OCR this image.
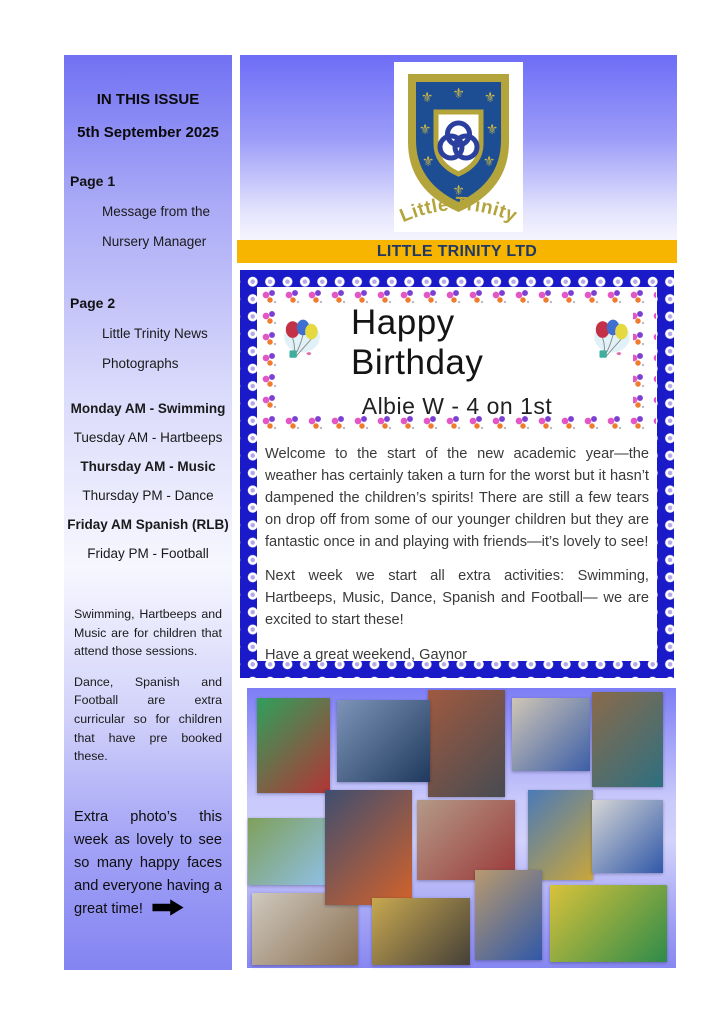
IN THIS ISSUE
5th September 2025
Page 1
Message from the
Nursery Manager
Page 2
Little Trinity News
Photographs
Monday AM - Swimming
Tuesday AM - Hartbeeps
Thursday AM - Music
Thursday PM - Dance
Friday AM Spanish (RLB)
Friday PM - Football
Swimming, Hartbeeps and Music are for children that attend those sessions.
Dance, Spanish and Football are extra curricular so for children that have pre booked these.
Extra photo’s this week as lovely to see so many happy faces and everyone having a great time!
⚜ ⚜ ⚜
⚜	⚜
⚜	⚜
⚜
Little Trinity
LITTLE TRINITY LTD
Happy Birthday
Albie W - 4 on 1st

Welcome to the start of the new academic year—the weather has certainly taken a turn for the worst but it hasn’t dampened the children’s spirits! There are still a few tears on drop off from some of our younger children but they are fantastic once in and playing with friends—it’s lovely to see!

Next week we start all extra activities: Swimming, Hartbeeps, Music, Dance, Spanish and Football— we are excited to start these!

Have a great weekend, Gaynor
